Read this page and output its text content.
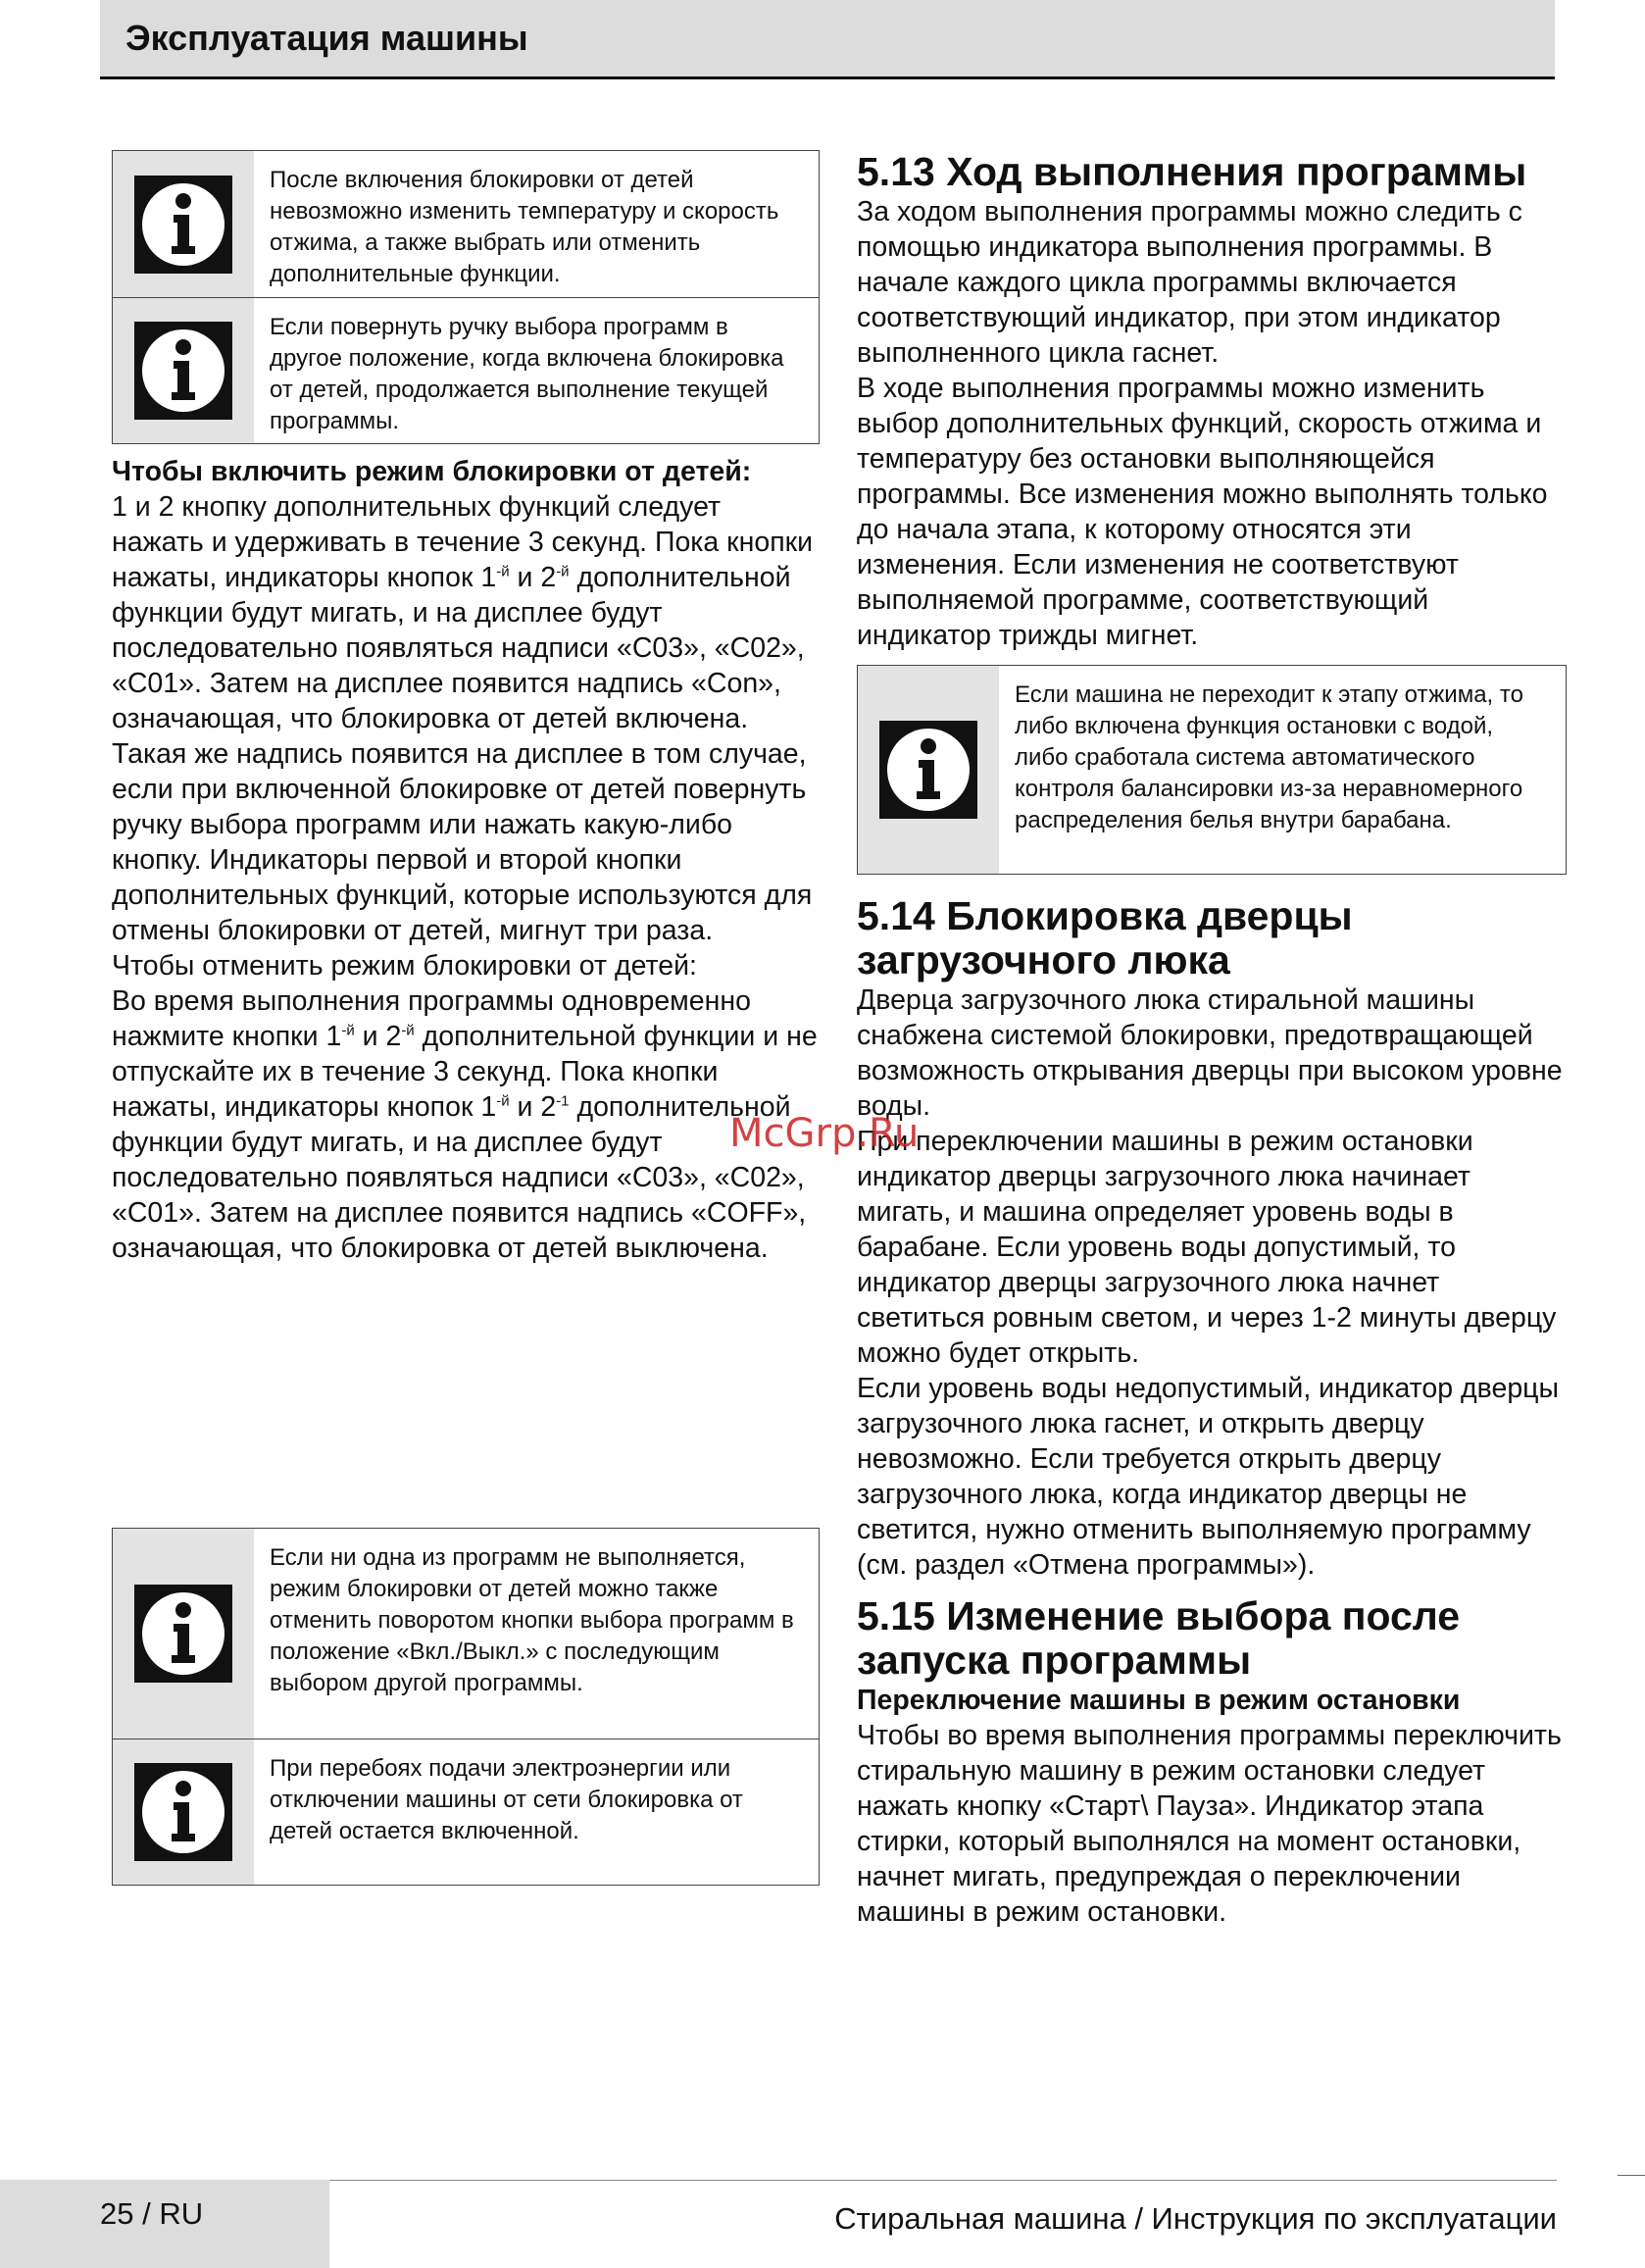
Эксплуатация машины
После включения блокировки от детей невозможно изменить температуру и скорость отжима, а также выбрать или отменить дополнительные функции.
Если повернуть ручку выбора программ в другое положение, когда включена блокировка от детей, продолжается выполнение текущей программы.
Чтобы включить режим блокировки от детей:

1 и 2 кнопку дополнительных функций следует нажать и удерживать в течение 3 секунд. Пока кнопки нажаты, индикаторы кнопок $1^{-й}$ и $2^{-й}$ дополнительной функции будут мигать, и на дисплее будут последовательно появляться надписи «C03», «C02», «C01». Затем на дисплее появится надпись «Con», означающая, что блокировка от детей включена. Такая же надпись появится на дисплее в том случае, если при включенной блокировке от детей повернуть ручку выбора программ или нажать какую-либо кнопку. Индикаторы первой и второй кнопки дополнительных функций, которые используются для отмены блокировки от детей, мигнут три раза.

Чтобы отменить режим блокировки от детей:

Во время выполнения программы одновременно нажмите кнопки $1^{-й}$ и $2^{-й}$ дополнительной функции и не отпускайте их в течение 3 секунд. Пока кнопки нажаты, индикаторы кнопок $1^{-й}$ и $2^{-1}$ дополнительной функции будут мигать, и на дисплее будут последовательно появляться надписи «C03», «C02», «C01». Затем на дисплее появится надпись «COFF», означающая, что блокировка от детей выключена.

Если ни одна из программ не выполняется, режим блокировки от детей можно также отменить поворотом кнопки выбора программ в положение «Вкл./Выкл.» с последующим выбором другой программы.
При перебоях подачи электроэнергии или отключении машины от сети блокировка от детей остается включенной.
5.13 Ход выполнения программы

За ходом выполнения программы можно следить с помощью индикатора выполнения программы. В начале каждого цикла программы включается соответствующий индикатор, при этом индикатор выполненного цикла гаснет.

В ходе выполнения программы можно изменить выбор дополнительных функций, скорость отжима и температуру без остановки выполняющейся программы. Все изменения можно выполнять только до начала этапа, к которому относятся эти изменения. Если изменения не соответствуют выполняемой программе, соответствующий индикатор трижды мигнет.

Если машина не переходит к этапу отжима, то либо включена функция остановки с водой, либо сработала система автоматического контроля балансировки из-за неравномерного распределения белья внутри барабана.
5.14 Блокировка дверцы загрузочного люка

Дверца загрузочного люка стиральной машины снабжена системой блокировки, предотвращающей возможность открывания дверцы при высоком уровне воды.

При переключении машины в режим остановки индикатор дверцы загрузочного люка начинает мигать, и машина определяет уровень воды в барабане. Если уровень воды допустимый, то индикатор дверцы загрузочного люка начнет светиться ровным светом, и через 1-2 минуты дверцу можно будет открыть.

Если уровень воды недопустимый, индикатор дверцы загрузочного люка гаснет, и открыть дверцу невозможно. Если требуется открыть дверцу загрузочного люка, когда индикатор дверцы не светится, нужно отменить выполняемую программу (см. раздел «Отмена программы»).

5.15 Изменение выбора после запуска программы
Переключение машины в режим остановки

Чтобы во время выполнения программы переключить стиральную машину в режим остановки следует нажать кнопку «Старт\ Пауза». Индикатор этапа стирки, который выполнялся на момент остановки, начнет мигать, предупреждая о переключении машины в режим остановки.

McGrp.Ru
25 / RU	Стиральная машина / Инструкция по эксплуатации
